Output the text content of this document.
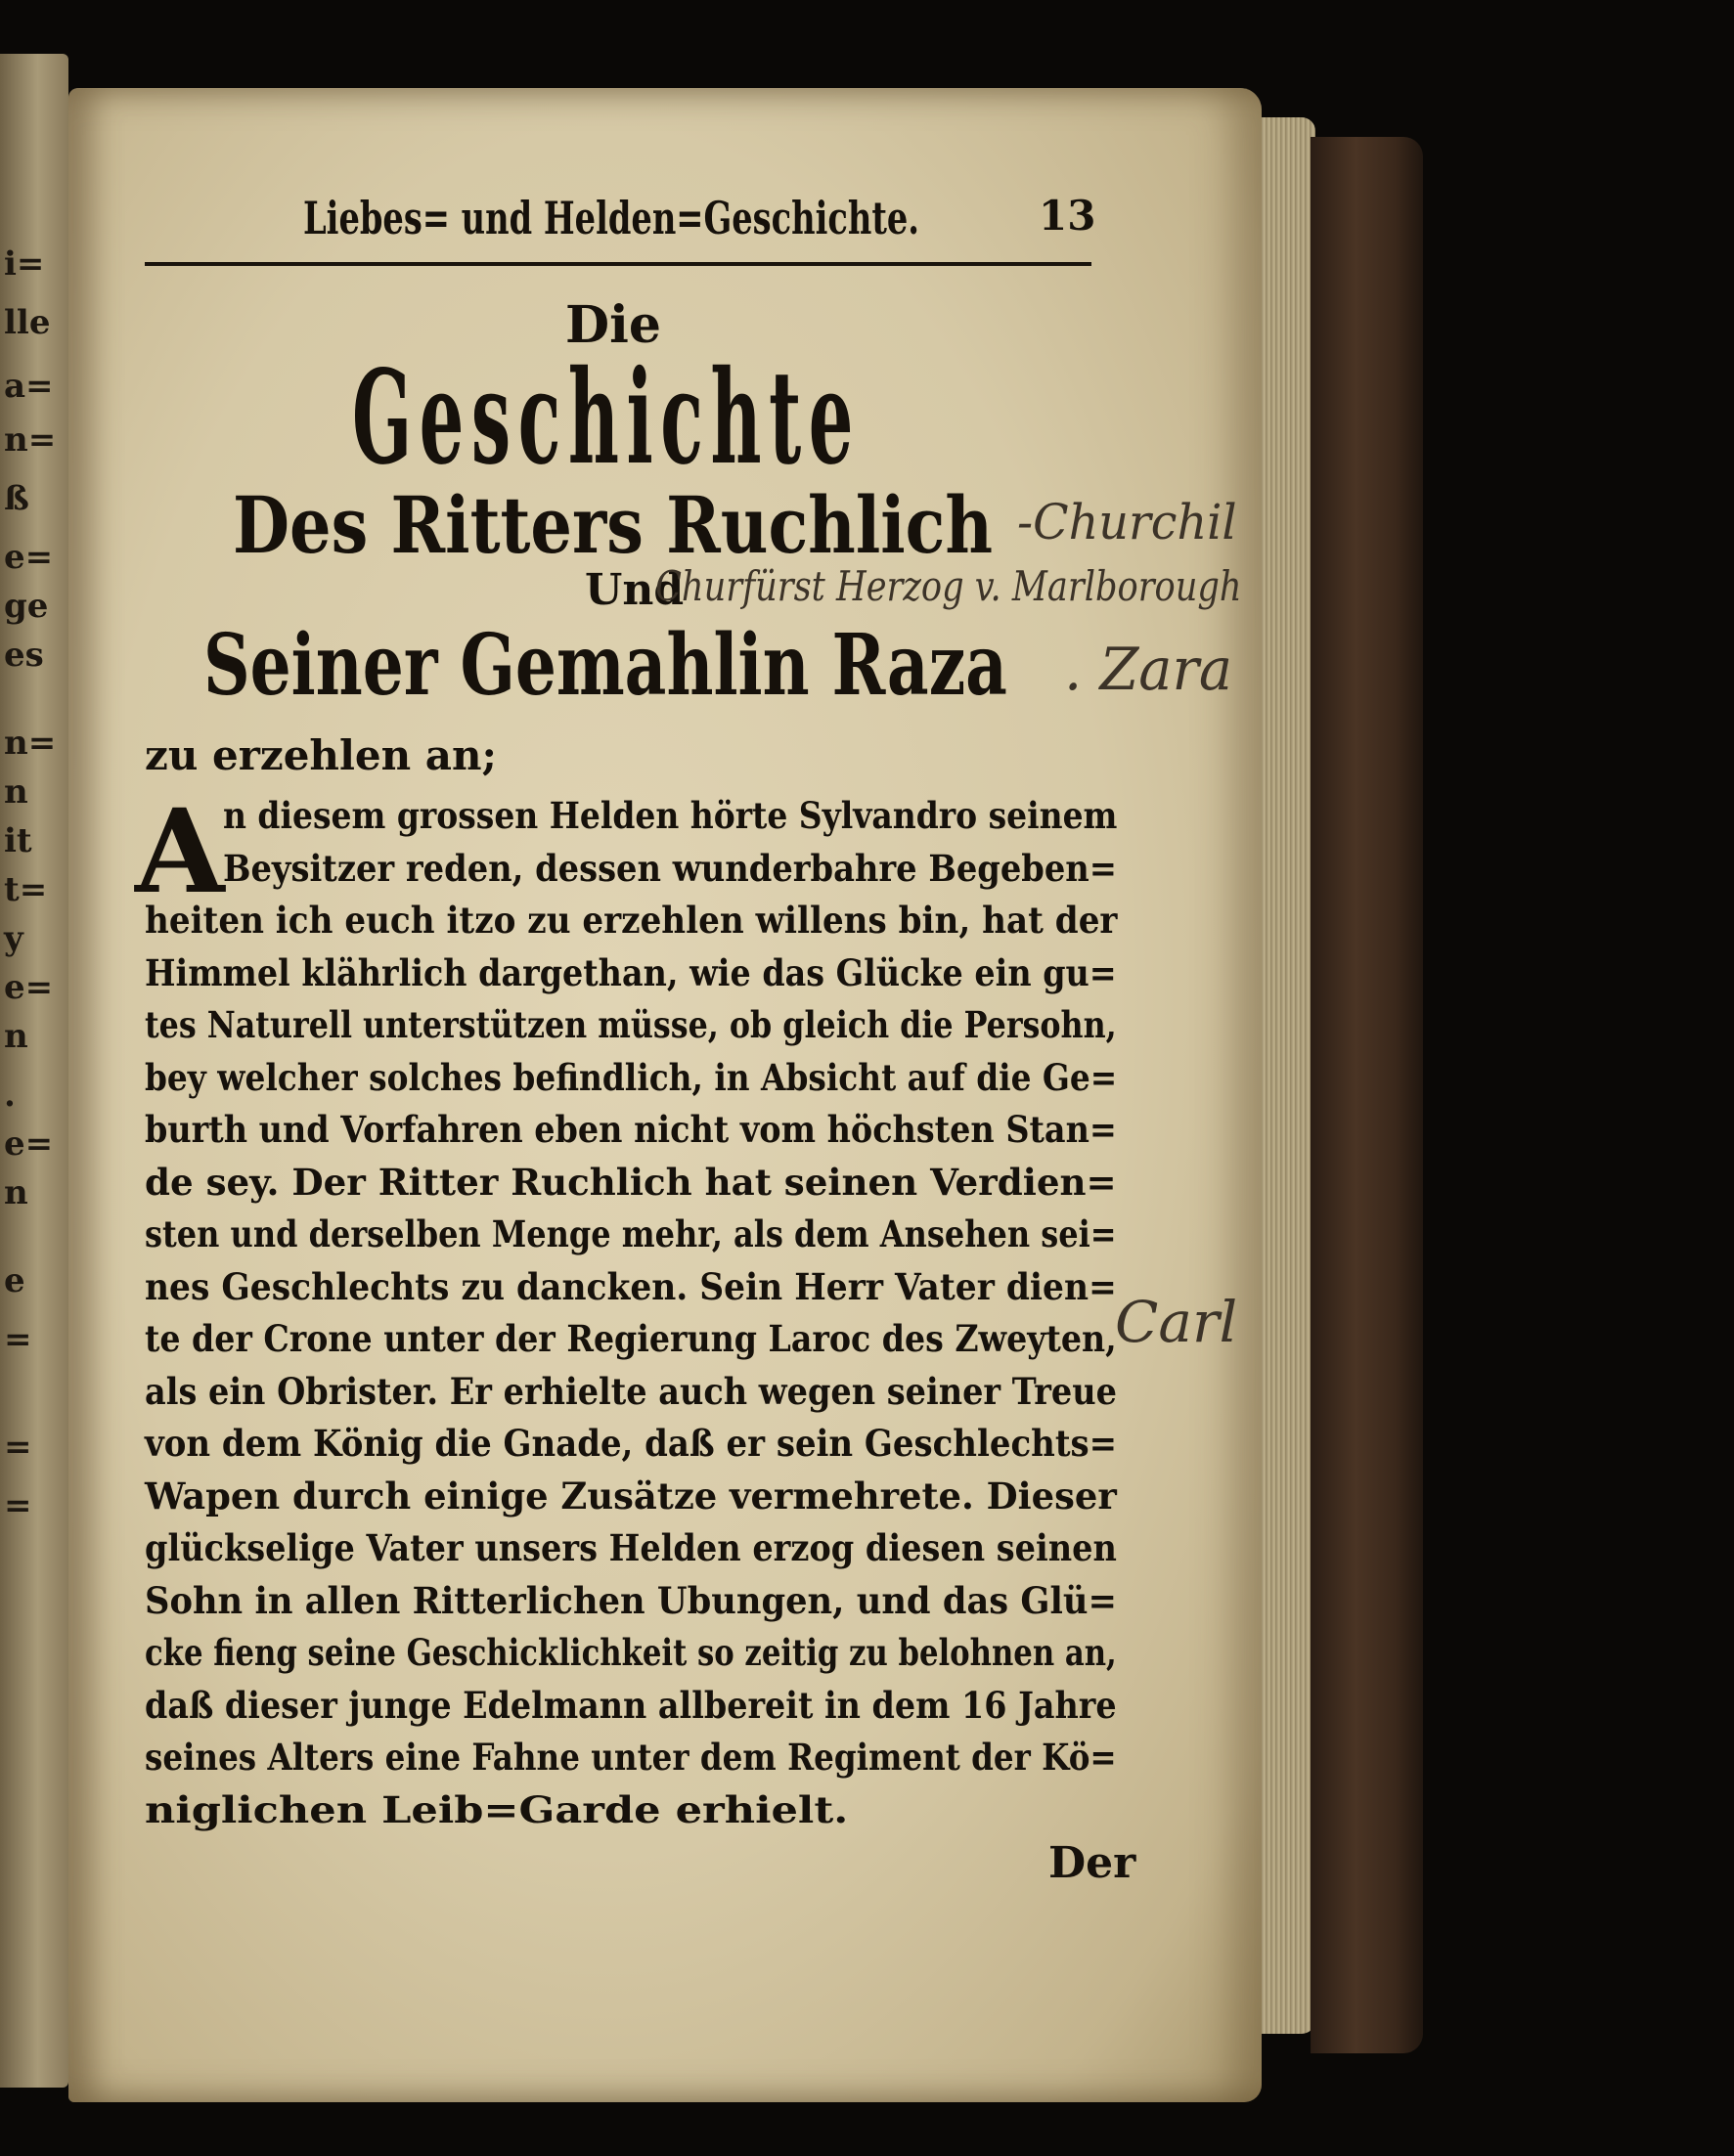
i=
lle
a=
n=
ß
e=
ge
es
n=
n
it
t=
y
e=
n
.
e=
n
e
=
=
=
Liebes= und Helden=Geschichte.	13
Die
Geschichte
Des Ritters Ruchlich
Und
Seiner Gemahlin Raza
zu erzehlen an;
A
n diesem grossen Helden hörte Sylvandro seinem
Beysitzer reden, dessen wunderbahre Begeben=
heiten ich euch itzo zu erzehlen willens bin, hat der
Himmel klährlich dargethan, wie das Glücke ein gu=
tes Naturell unterstützen müsse, ob gleich die Persohn,
bey welcher solches befindlich, in Absicht auf die Ge=
burth und Vorfahren eben nicht vom höchsten Stan=
de sey. Der Ritter Ruchlich hat seinen Verdien=
sten und derselben Menge mehr, als dem Ansehen sei=
nes Geschlechts zu dancken. Sein Herr Vater dien=
te der Crone unter der Regierung Laroc des Zweyten,
als ein Obrister. Er erhielte auch wegen seiner Treue
von dem König die Gnade, daß er sein Geschlechts=
Wapen durch einige Zusätze vermehrete. Dieser
glückselige Vater unsers Helden erzog diesen seinen
Sohn in allen Ritterlichen Ubungen, und das Glü=
cke fieng seine Geschicklichkeit so zeitig zu belohnen an,
daß dieser junge Edelmann allbereit in dem 16 Jahre
seines Alters eine Fahne unter dem Regiment der Kö=
niglichen Leib=Garde erhielt.
Der
-Churchil
Churfürst Herzog v. Marlborough
. Zara
Carl
